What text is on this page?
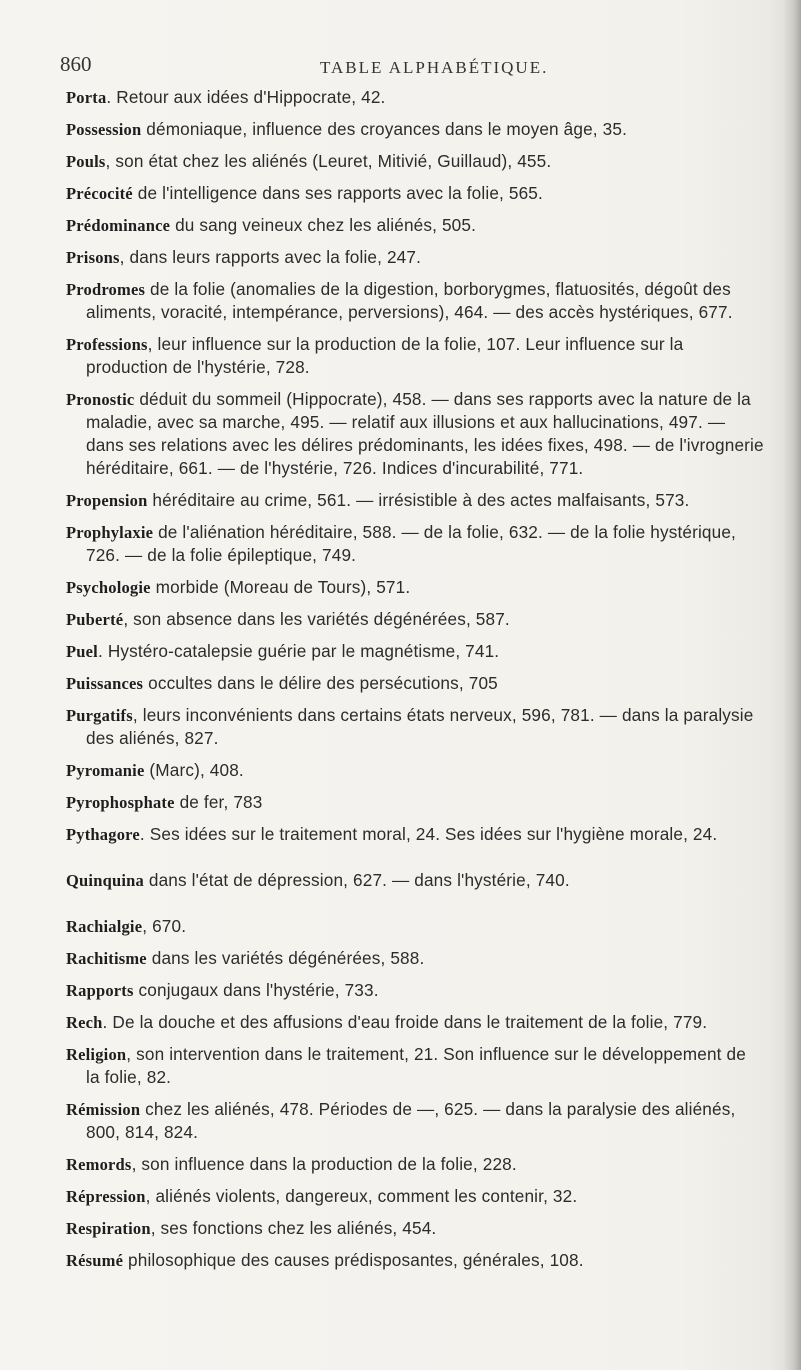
860	TABLE ALPHABÉTIQUE.

Porta. Retour aux idées d'Hippocrate, 42.

Possession démoniaque, influence des croyances dans le moyen âge, 35.

Pouls, son état chez les aliénés (Leuret, Mitivié, Guillaud), 455.

Précocité de l'intelligence dans ses rapports avec la folie, 565.

Prédominance du sang veineux chez les aliénés, 505.

Prisons, dans leurs rapports avec la folie, 247.

Prodromes de la folie (anomalies de la digestion, borborygmes, flatuosités, dégoût des aliments, voracité, intempérance, perversions), 464. — des accès hystériques, 677.

Professions, leur influence sur la production de la folie, 107. Leur influence sur la production de l'hystérie, 728.

Pronostic déduit du sommeil (Hippocrate), 458. — dans ses rapports avec la nature de la maladie, avec sa marche, 495. — relatif aux illusions et aux hallucinations, 497. — dans ses relations avec les délires prédominants, les idées fixes, 498. — de l'ivrognerie héréditaire, 661. — de l'hystérie, 726. Indices d'incurabilité, 771.

Propension héréditaire au crime, 561. — irrésistible à des actes malfaisants, 573.

Prophylaxie de l'aliénation héréditaire, 588. — de la folie, 632. — de la folie hystérique, 726. — de la folie épileptique, 749.

Psychologie morbide (Moreau de Tours), 571.

Puberté, son absence dans les variétés dégénérées, 587.

Puel. Hystéro-catalepsie guérie par le magnétisme, 741.

Puissances occultes dans le délire des persécutions, 705

Purgatifs, leurs inconvénients dans certains états nerveux, 596, 781. — dans la paralysie des aliénés, 827.

Pyromanie (Marc), 408.

Pyrophosphate de fer, 783

Pythagore. Ses idées sur le traitement moral, 24. Ses idées sur l'hygiène morale, 24.

Quinquina dans l'état de dépression, 627. — dans l'hystérie, 740.

Rachialgie, 670.

Rachitisme dans les variétés dégénérées, 588.

Rapports conjugaux dans l'hystérie, 733.

Rech. De la douche et des affusions d'eau froide dans le traitement de la folie, 779.

Religion, son intervention dans le traitement, 21. Son influence sur le développement de la folie, 82.

Rémission chez les aliénés, 478. Périodes de —, 625. — dans la paralysie des aliénés, 800, 814, 824.

Remords, son influence dans la production de la folie, 228.

Répression, aliénés violents, dangereux, comment les contenir, 32.

Respiration, ses fonctions chez les aliénés, 454.

Résumé philosophique des causes prédisposantes, générales, 108.
